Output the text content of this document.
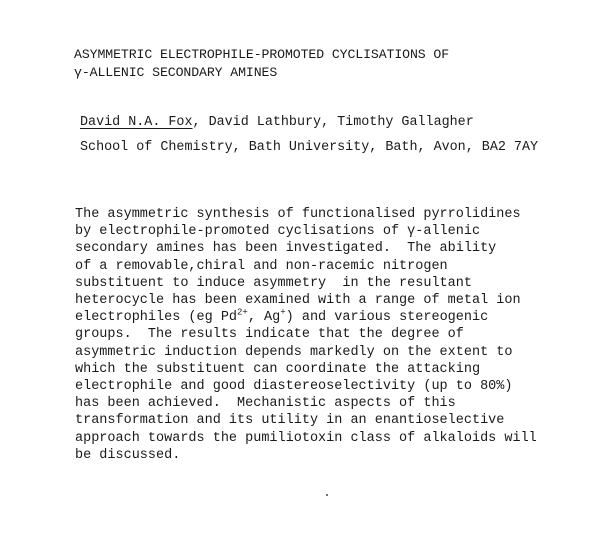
ASYMMETRIC ELECTROPHILE-PROMOTED CYCLISATIONS OF
γ-ALLENIC SECONDARY AMINES
David N.A. Fox, David Lathbury, Timothy Gallagher
School of Chemistry, Bath University, Bath, Avon, BA2 7AY
The asymmetric synthesis of functionalised pyrrolidines
by electrophile-promoted cyclisations of γ-allenic
secondary amines has been investigated.  The ability
of a removable,chiral and non-racemic nitrogen
substituent to induce asymmetry  in the resultant
heterocycle has been examined with a range of metal ion
electrophiles (eg $Pd^{2+}$, Ag+) and various stereogenic
groups.  The results indicate that the degree of
asymmetric induction depends markedly on the extent to
which the substituent can coordinate the attacking
electrophile and good diastereoselectivity (up to 80%)
has been achieved.  Mechanistic aspects of this
transformation and its utility in an enantioselective
approach towards the pumiliotoxin class of alkaloids will
be discussed.
